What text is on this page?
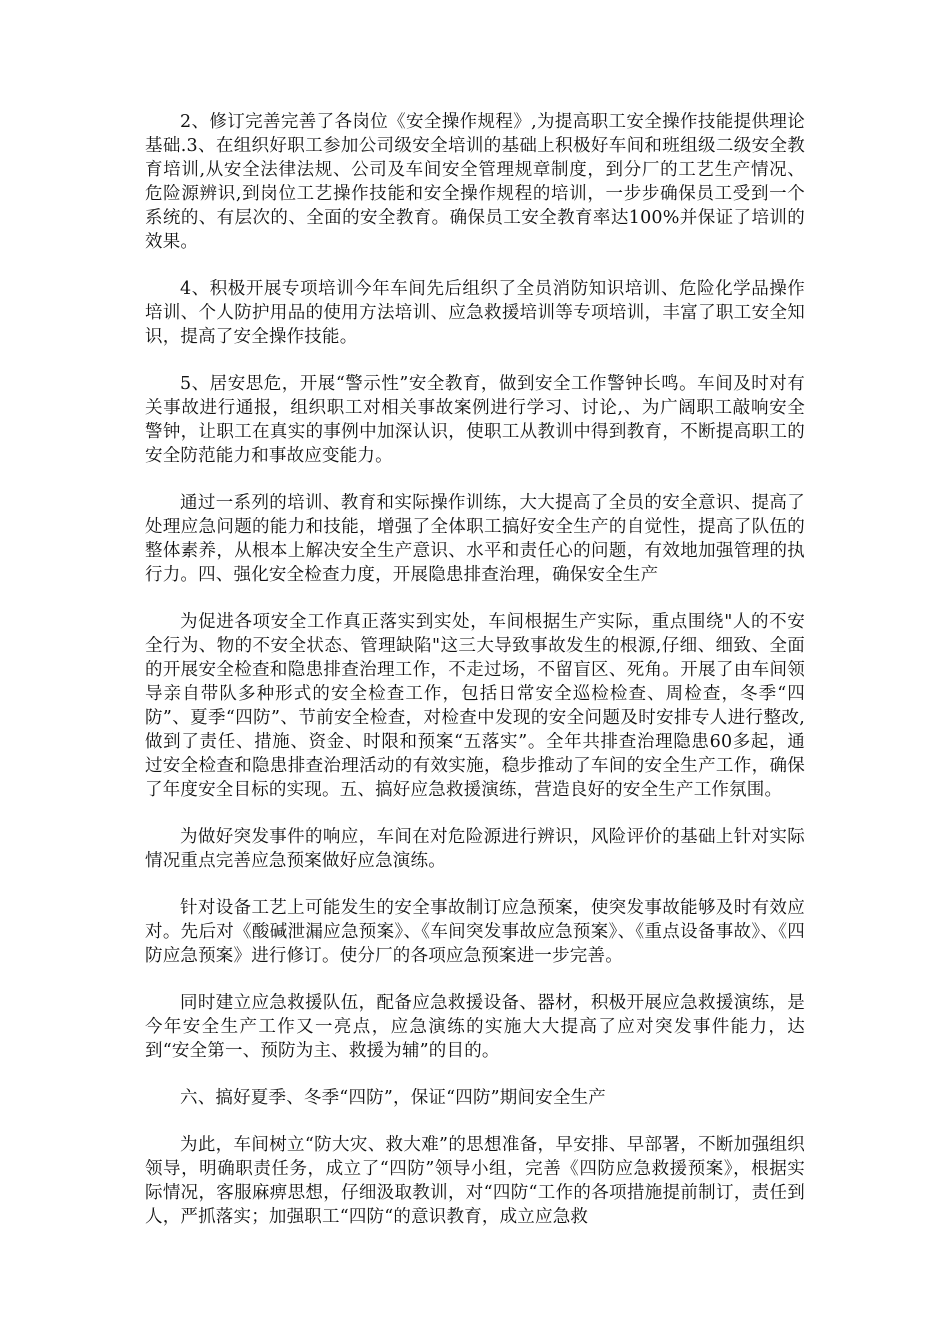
2、修订完善完善了各岗位《安全操作规程》,为提高职工安全操作技能提供理论基础.3、在组织好职工参加公司级安全培训的基础上积极好车间和班组级二级安全教育培训,从安全法律法规、公司及车间安全管理规章制度，到分厂的工艺生产情况、危险源辨识,到岗位工艺操作技能和安全操作规程的培训，一步步确保员工受到一个系统的、有层次的、全面的安全教育。确保员工安全教育率达100%并保证了培训的效果。

4、积极开展专项培训今年车间先后组织了全员消防知识培训、危险化学品操作培训、个人防护用品的使用方法培训、应急救援培训等专项培训，丰富了职工安全知识，提高了安全操作技能。

5、居安思危，开展“警示性”安全教育，做到安全工作警钟长鸣。车间及时对有关事故进行通报，组织职工对相关事故案例进行学习、讨论,、为广阔职工敲响安全警钟，让职工在真实的事例中加深认识，使职工从教训中得到教育，不断提高职工的安全防范能力和事故应变能力。

通过一系列的培训、教育和实际操作训练，大大提高了全员的安全意识、提高了处理应急问题的能力和技能，增强了全体职工搞好安全生产的自觉性，提高了队伍的整体素养，从根本上解决安全生产意识、水平和责任心的问题，有效地加强管理的执行力。四、强化安全检查力度，开展隐患排查治理，确保安全生产

为促进各项安全工作真正落实到实处，车间根据生产实际，重点围绕"人的不安全行为、物的不安全状态、管理缺陷"这三大导致事故发生的根源,仔细、细致、全面的开展安全检查和隐患排查治理工作，不走过场，不留盲区、死角。开展了由车间领导亲自带队多种形式的安全检查工作，包括日常安全巡检检查、周检查，冬季“四防”、夏季“四防”、节前安全检查，对检查中发现的安全问题及时安排专人进行整改,做到了责任、措施、资金、时限和预案“五落实”。全年共排查治理隐患60多起，通过安全检查和隐患排查治理活动的有效实施，稳步推动了车间的安全生产工作，确保了年度安全目标的实现。五、搞好应急救援演练，营造良好的安全生产工作氛围。

为做好突发事件的响应，车间在对危险源进行辨识，风险评价的基础上针对实际情况重点完善应急预案做好应急演练。

针对设备工艺上可能发生的安全事故制订应急预案，使突发事故能够及时有效应对。先后对《酸碱泄漏应急预案》、《车间突发事故应急预案》、《重点设备事故》、《四防应急预案》进行修订。使分厂的各项应急预案进一步完善。

同时建立应急救援队伍，配备应急救援设备、器材，积极开展应急救援演练，是今年安全生产工作又一亮点，应急演练的实施大大提高了应对突发事件能力，达到“安全第一、预防为主、救援为辅”的目的。

六、搞好夏季、冬季“四防”，保证“四防”期间安全生产

为此，车间树立“防大灾、救大难”的思想准备，早安排、早部署，不断加强组织领导，明确职责任务，成立了“四防”领导小组，完善《四防应急救援预案》，根据实际情况，客服麻痹思想，仔细汲取教训，对“四防“工作的各项措施提前制订，责任到人，严抓落实；加强职工“四防“的意识教育，成立应急救
